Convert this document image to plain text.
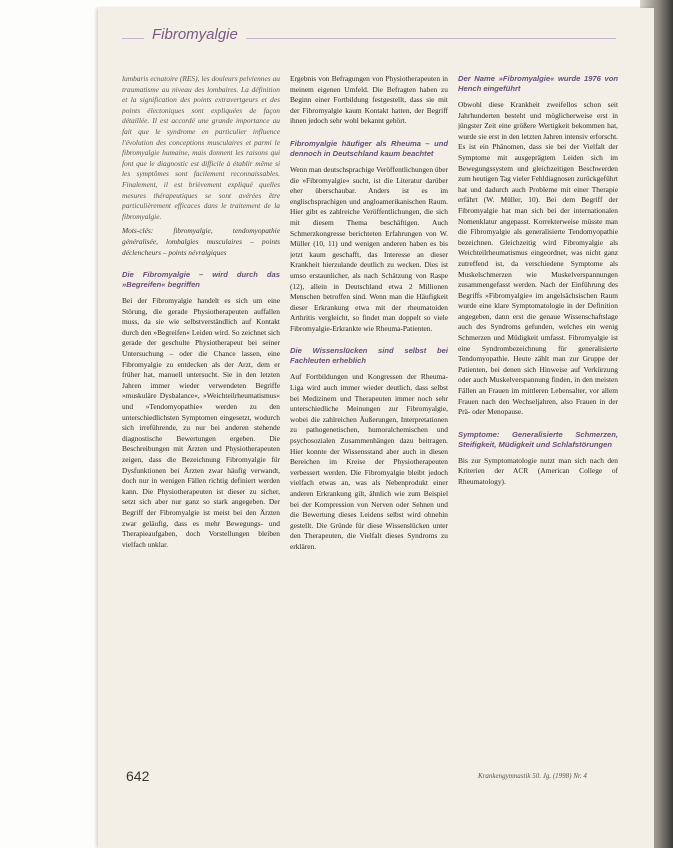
Fibromyalgie

lumbaris ecnatoire (RES), les douleurs pelviennes au traumatisme au niveau des lombaires. La définition et la signification des points extravertgeurs et des points électoniques sont expliquées de façon détaillée. Il est accordé une grande importance au fait que le syndrome en particulier influence l'évolution des conceptions musculaires et parmi le fibromyalgie humaine, mais donnent les raisons qui font que le diagnostic est difficile à établir même si les symptômes sont facilement reconnaissables. Finalement, il est brièvement expliqué quelles mesures thérapeutiques se sont avérées être particulièrement efficaces dans le traitement de la fibromyalgie.

Mots-clés: fibromyalgie, tendomyopathie généralisée, lombalgies musculaires – points déclencheurs – points névralgiques

Die Fibromyalgie – wird durch das »Begreifen« begriffen

Bei der Fibromyalgie handelt es sich um eine Störung, die gerade Physiotherapeuten auffallen muss, da sie wie selbstverständlich auf Kontakt durch den »Begreifen« Leiden wird. So zeichnet sich gerade der geschulte Physiotherapeut bei seiner Untersuchung – oder die Chance lassen, eine Fibromyalgie zu entdecken als der Arzt, dem er früher hat, manuell untersucht. Sie in den letzten Jahren immer wieder verwendeten Begriffe »muskuläre Dysbalance«, »Weichteilrheumatismus« und »Tendomyopathie« werden zu den unterschiedlichsten Symptomen eingesetzt, wodurch sich irreführende, zu nur bei anderen stehende diagnostische Bewertungen ergeben. Die Beschreibungen mit Ärzten und Physiotherapeuten zeigen, dass die Bezeichnung Fibromyalgie für Dysfunktionen bei Ärzten zwar häufig verwandt, doch nur in wenigen Fällen richtig definiert werden kann. Die Physiotherapeuten ist dieser zu sicher, setzt sich aber nur ganz so stark angegeben. Der Begriff der Fibromyalgie ist meist bei den Ärzten zwar geläufig, dass es mehr Bewegungs- und Therapieaufgaben, doch Vorstellungen bleiben vielfach unklar.

Ergebnis von Befragungen von Physiotherapeuten in meinem eigenen Umfeld. Die Befragten haben zu Beginn einer Fortbildung festgestellt, dass sie mit der Fibromyalgie kaum Kontakt hatten, der Begriff ihnen jedoch sehr wohl bekannt gehört.

Fibromyalgie häufiger als Rheuma – und dennoch in Deutschland kaum beachtet

Wenn man deutschsprachige Veröffentlichungen über die »Fibromyalgie« sucht, ist die Literatur darüber eher überschaubar. Anders ist es im englischsprachigen und angloamerikanischen Raum. Hier gibt es zahlreiche Veröffentlichungen, die sich mit diesem Thema beschäftigen. Auch Schmerzkongresse berichteten Erfahrungen von W. Müller (10, 11) und wenigen anderen haben es bis jetzt kaum geschafft, das Interesse an dieser Krankheit hierzulande deutlich zu wecken. Dies ist umso erstaunlicher, als nach Schätzung von Raspe (12), allein in Deutschland etwa 2 Millionen Menschen betroffen sind. Wenn man die Häufigkeit dieser Erkrankung etwa mit der rheumatoiden Arthritis vergleicht, so findet man doppelt so viele Fibromyalgie-Erkrankte wie Rheuma-Patienten.

Die Wissenslücken sind selbst bei Fachleuten erheblich

Auf Fortbildungen und Kongressen der Rheuma-Liga wird auch immer wieder deutlich, dass selbst bei Medizinern und Therapeuten immer noch sehr unterschiedliche Meinungen zur Fibromyalgie, wobei die zahlreichen Äußerungen, Interpretationen zu pathogenetischen, humoralchemischen und psychosozialen Zusammenhängen dazu beitragen. Hier konnte der Wissensstand aber auch in diesen Bereichen im Kreise der Physiotherapeuten verbessert werden. Die Fibromyalgie bleibt jedoch vielfach etwas an, was als Nebenprodukt einer anderen Erkrankung gilt, ähnlich wie zum Beispiel bei der Kompression von Nerven oder Sehnen und die Bewertung dieses Leidens selbst wird ohnehin gestellt. Die Gründe für diese Wissenslücken unter den Therapeuten, die Vielfalt dieses Syndroms zu erklären.

Der Name »Fibromyalgie« wurde 1976 von Hench eingeführt

Obwohl diese Krankheit zweifellos schon seit Jahrhunderten besteht und möglicherweise erst in jüngster Zeit eine größere Wertigkeit bekommen hat, wurde sie erst in den letzten Jahren intensiv erforscht. Es ist ein Phänomen, dass sie bei der Vielfalt der Symptome mit ausgeprägtem Leiden sich im Bewegungssystem und gleichzeitigen Beschwerden zum heutigen Tag vieler Fehldiagnosen zurückgeführt hat und dadurch auch Probleme mit einer Therapie erfährt (W. Müller, 10). Bei dem Begriff der Fibromyalgie hat man sich bei der internationalen Nomenklatur angepasst. Korrekterweise müsste man die Fibromyalgie als generalisierte Tendomyopathie bezeichnen. Gleichzeitig wird Fibromyalgie als Weichteilrheumatismus eingeordnet, was nicht ganz zutreffend ist, da verschiedene Symptome als Muskelschmerzen wie Muskelverspannungen zusammengefasst werden. Nach der Einführung des Begriffs »Fibromyalgie« im angelsächsischen Raum wurde eine klare Symptomatologie in der Definition angegeben, dann erst die genaue Wissenschaftslage auch des Syndroms gefunden, welches ein wenig Schmerzen und Müdigkeit umfasst. Fibromyalgie ist eine Syndrombezeichnung für generalisierte Tendomyopathie. Heute zählt man zur Gruppe der Patienten, bei denen sich Hinweise auf Verkürzung oder auch Muskelverspannung finden, in den meisten Fällen an Frauen im mittleren Lebensalter, vor allem Frauen nach den Wechseljahren, also Frauen in der Prä- oder Menopause.

Symptome: Generalisierte Schmerzen, Steifigkeit, Müdigkeit und Schlafstörungen

Bis zur Symptomatologie nutzt man sich nach den Kriterien der ACR (American College of Rheumatology).

642	Krankengymnastik 50. Jg. (1998) Nr. 4
